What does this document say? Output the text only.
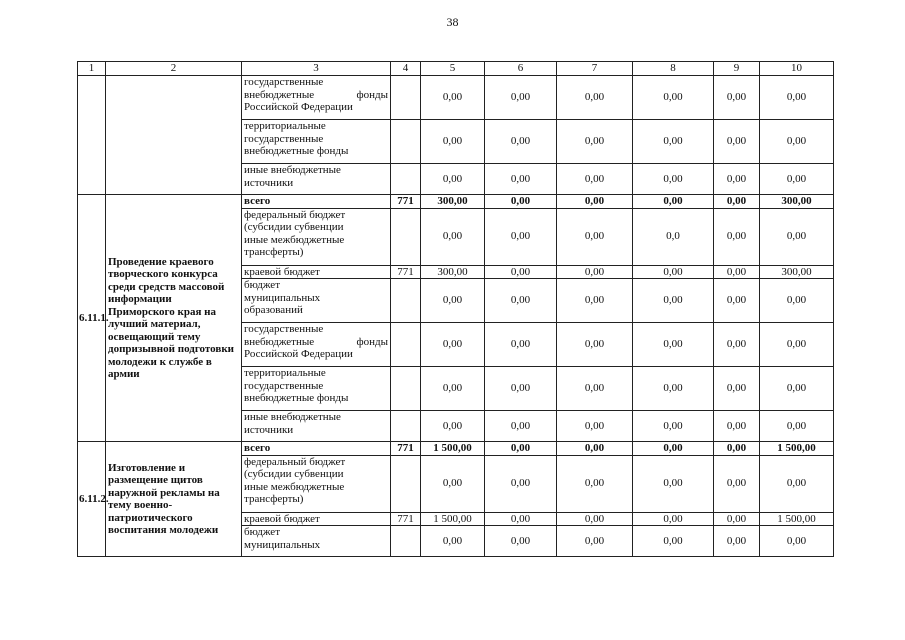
38
1	2	3	4	5	6	7	8	9	10

		государственные
внебюджетные фонды
Российской Федерации		0,00	0,00	0,00	0,00	0,00	0,00

		территориальные
государственные
внебюджетные фонды		0,00	0,00	0,00	0,00	0,00	0,00

		иные внебюджетные
источники		0,00	0,00	0,00	0,00	0,00	0,00
6.11.1.	Проведение краевого творческого конкурса среди средств массовой информации Приморского края на лучший материал, освещающий тему допризывной подготовки молодежи к службе в армии	всего	771	300,00	0,00	0,00	0,00	0,00	300,00

		федеральный бюджет
(субсидии субвенции
иные межбюджетные
трансферты)		0,00	0,00	0,00	0,0	0,00	0,00

		краевой бюджет	771	300,00	0,00	0,00	0,00	0,00	300,00

		бюджет
муниципальных
образований		0,00	0,00	0,00	0,00	0,00	0,00

		государственные
внебюджетные фонды
Российской Федерации		0,00	0,00	0,00	0,00	0,00	0,00

		территориальные
государственные
внебюджетные фонды		0,00	0,00	0,00	0,00	0,00	0,00

		иные внебюджетные
источники		0,00	0,00	0,00	0,00	0,00	0,00
6.11.2.	Изготовление и размещение щитов наружной рекламы на тему военно-патриотического воспитания молодежи	всего	771	1 500,00	0,00	0,00	0,00	0,00	1 500,00

		федеральный бюджет
(субсидии субвенции
иные межбюджетные
трансферты)		0,00	0,00	0,00	0,00	0,00	0,00

		краевой бюджет	771	1 500,00	0,00	0,00	0,00	0,00	1 500,00

		бюджет
муниципальных		0,00	0,00	0,00	0,00	0,00	0,00
